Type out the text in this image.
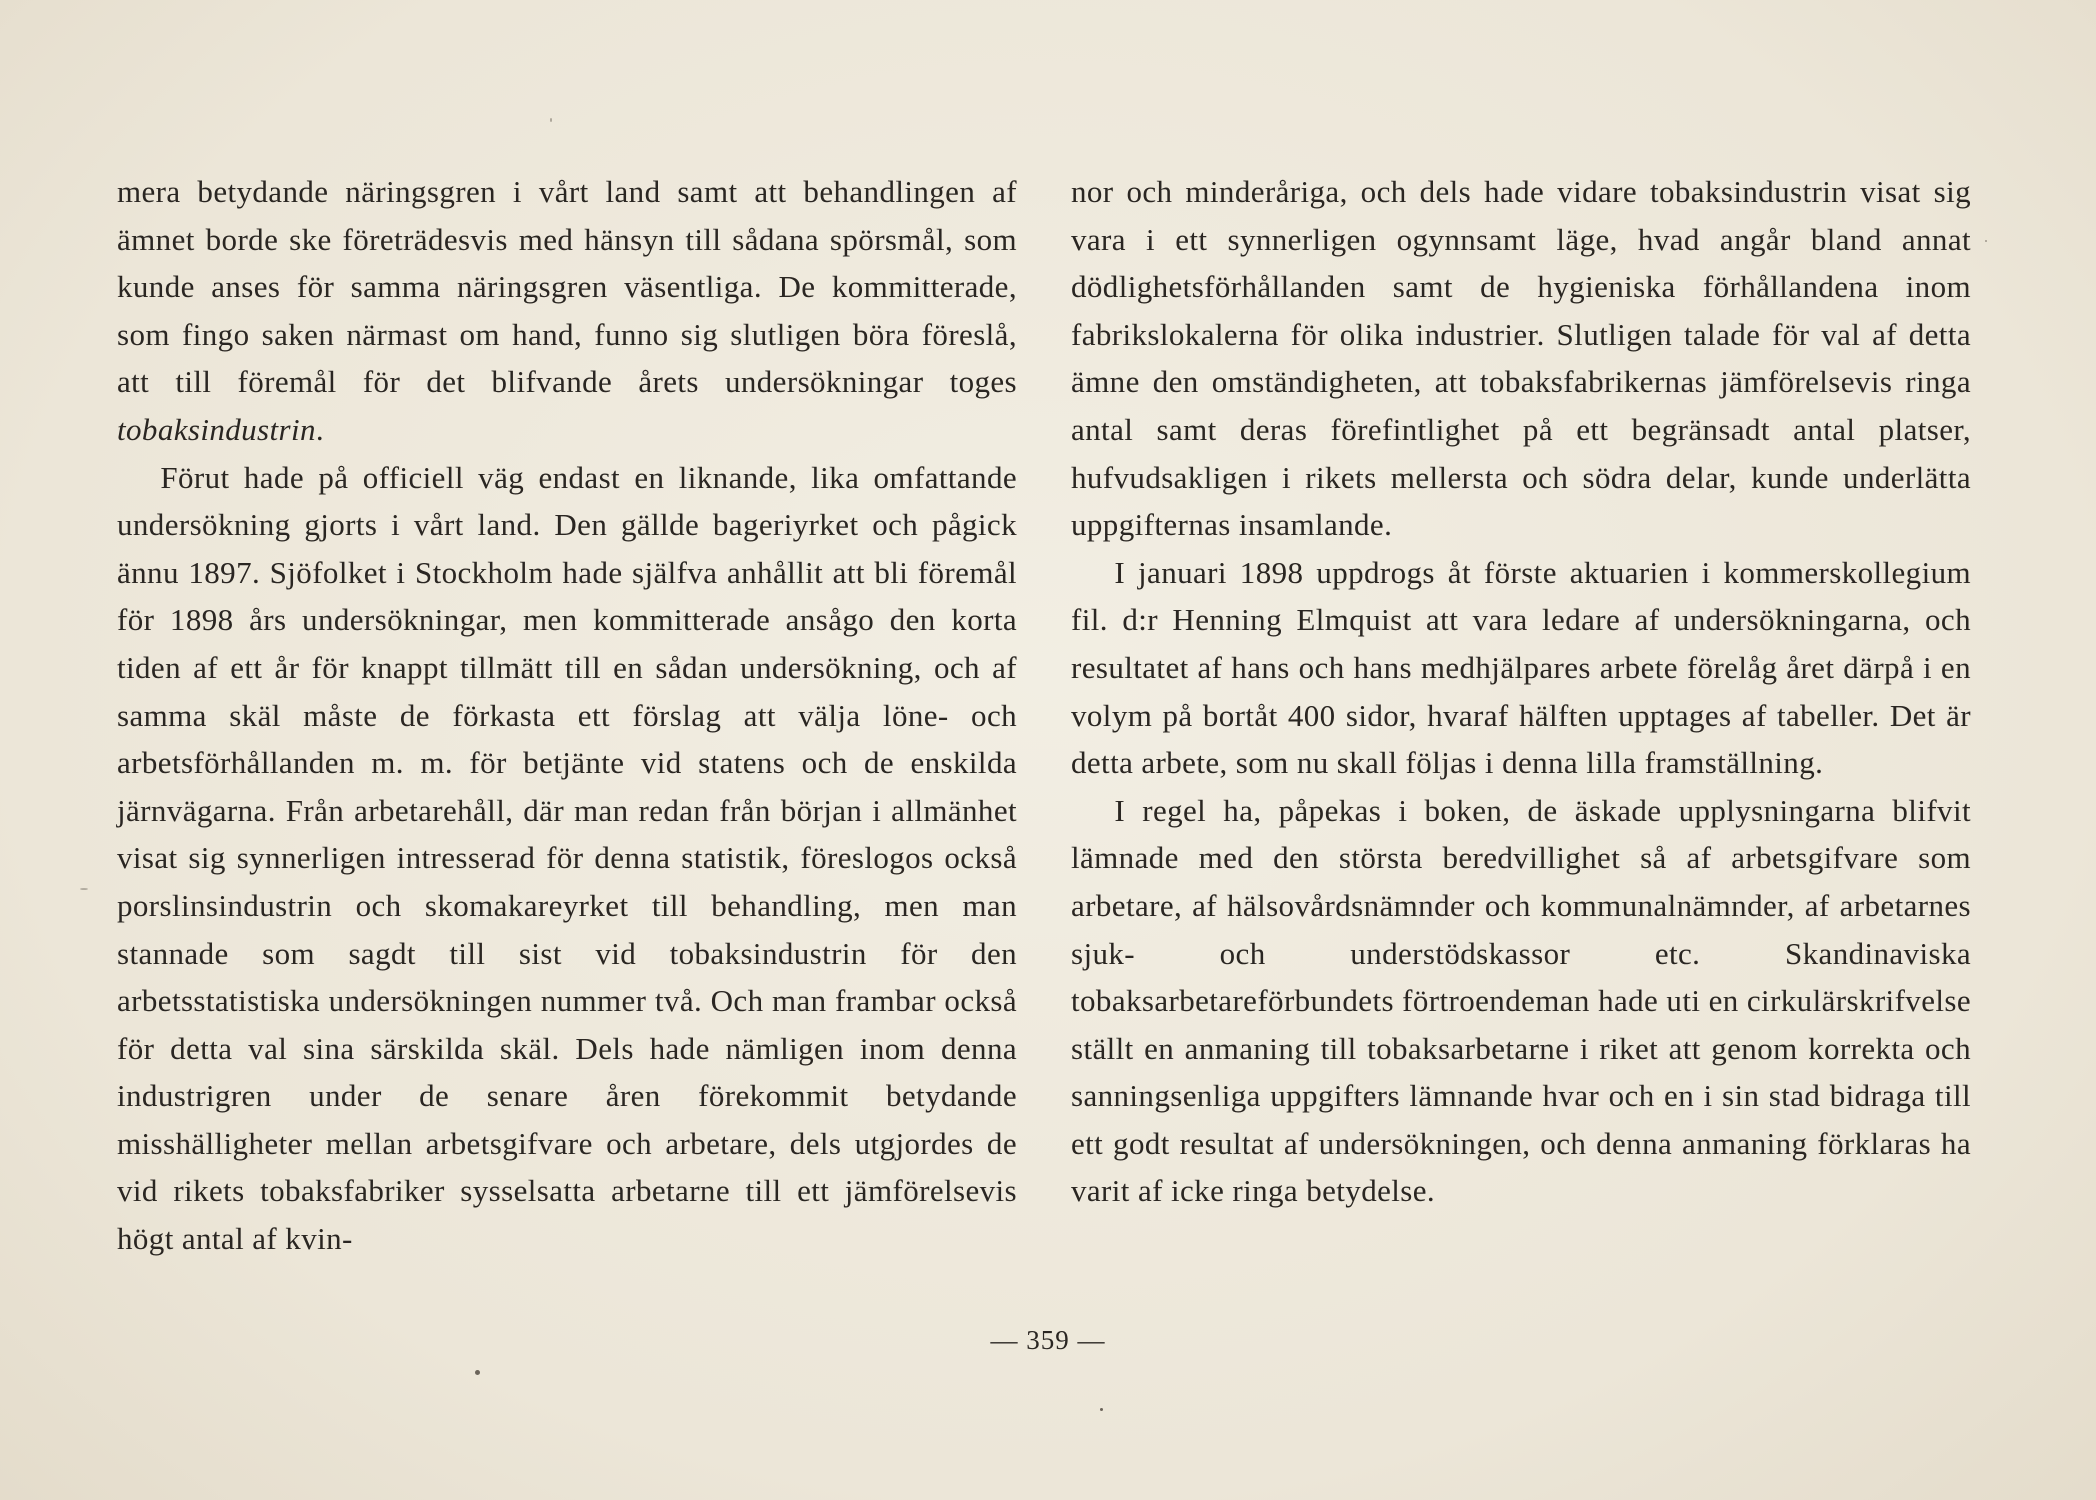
mera betydande näringsgren i vårt land samt att behandlingen af ämnet borde ske företrädesvis med hänsyn till sådana spörsmål, som kunde anses för samma näringsgren väsentliga. De kommitterade, som fingo saken närmast om hand, funno sig slutligen böra föreslå, att till föremål för det blifvande årets undersökningar toges tobaksindustrin.

Förut hade på officiell väg endast en liknande, lika omfattande undersökning gjorts i vårt land. Den gällde bageriyrket och pågick ännu 1897. Sjöfolket i Stockholm hade själfva anhållit att bli föremål för 1898 års undersökningar, men kommitterade ansågo den korta tiden af ett år för knappt tillmätt till en sådan undersökning, och af samma skäl måste de förkasta ett förslag att välja löne- och arbetsförhållanden m. m. för betjänte vid statens och de enskilda järnvägarna. Från arbetarehåll, där man redan från början i allmänhet visat sig synnerligen intresserad för denna statistik, föreslogos också porslinsindustrin och skomakareyrket till behandling, men man stannade som sagdt till sist vid tobaksindustrin för den arbetsstatistiska undersökningen nummer två. Och man frambar också för detta val sina särskilda skäl. Dels hade nämligen inom denna industrigren under de senare åren förekommit betydande misshälligheter mellan arbetsgifvare och arbetare, dels utgjordes de vid rikets tobaksfabriker sysselsatta arbetarne till ett jämförelsevis högt antal af kvin-

nor och minderåriga, och dels hade vidare tobaksindustrin visat sig vara i ett synnerligen ogynnsamt läge, hvad angår bland annat dödlighetsförhållanden samt de hygieniska förhållandena inom fabrikslokalerna för olika industrier. Slutligen talade för val af detta ämne den omständigheten, att tobaksfabrikernas jämförelsevis ringa antal samt deras förefintlighet på ett begränsadt antal platser, hufvudsakligen i rikets mellersta och södra delar, kunde underlätta uppgifternas insamlande.

I januari 1898 uppdrogs åt förste aktuarien i kommerskollegium fil. d:r Henning Elmquist att vara ledare af undersökningarna, och resultatet af hans och hans medhjälpares arbete förelåg året därpå i en volym på bortåt 400 sidor, hvaraf hälften upptages af tabeller. Det är detta arbete, som nu skall följas i denna lilla framställning.

I regel ha, påpekas i boken, de äskade upplysningarna blifvit lämnade med den största beredvillighet så af arbetsgifvare som arbetare, af hälsovårdsnämnder och kommunalnämnder, af arbetarnes sjuk- och understödskassor etc. Skandinaviska tobaksarbetareförbundets förtroendeman hade uti en cirkulärskrifvelse ställt en anmaning till tobaksarbetarne i riket att genom korrekta och sanningsenliga uppgifters lämnande hvar och en i sin stad bidraga till ett godt resultat af undersökningen, och denna anmaning förklaras ha varit af icke ringa betydelse.

— 359 —
